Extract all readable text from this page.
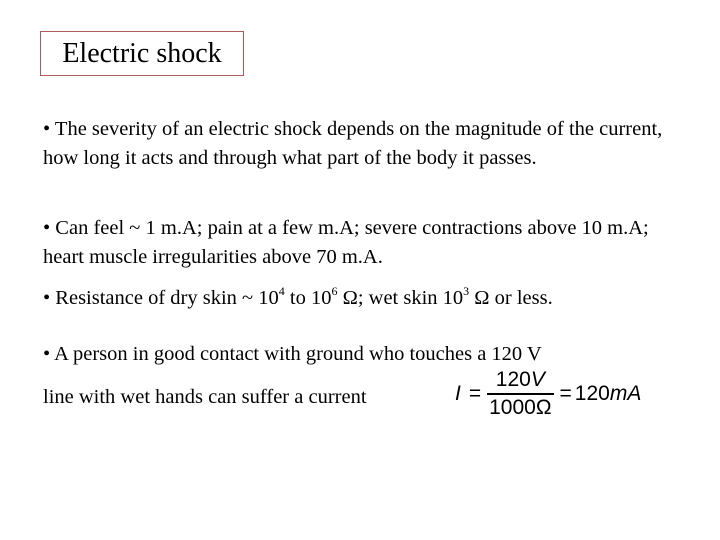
Electric shock
• The severity of an electric shock depends on the magnitude of the current, how long it acts and through what part of the body it passes.
• Can feel ~ 1 m.A; pain at a few m.A; severe contractions above 10 m.A; heart muscle irregularities above 70 m.A.
• Resistance of dry skin ~ $10^4$ to $10^6$ Ω; wet skin $10^3$ Ω or less.
• A person in good contact with ground who touches a 120 V
line with wet hands can suffer a current	$I = \frac{120V}{1000\Omega} = 120$ mA
